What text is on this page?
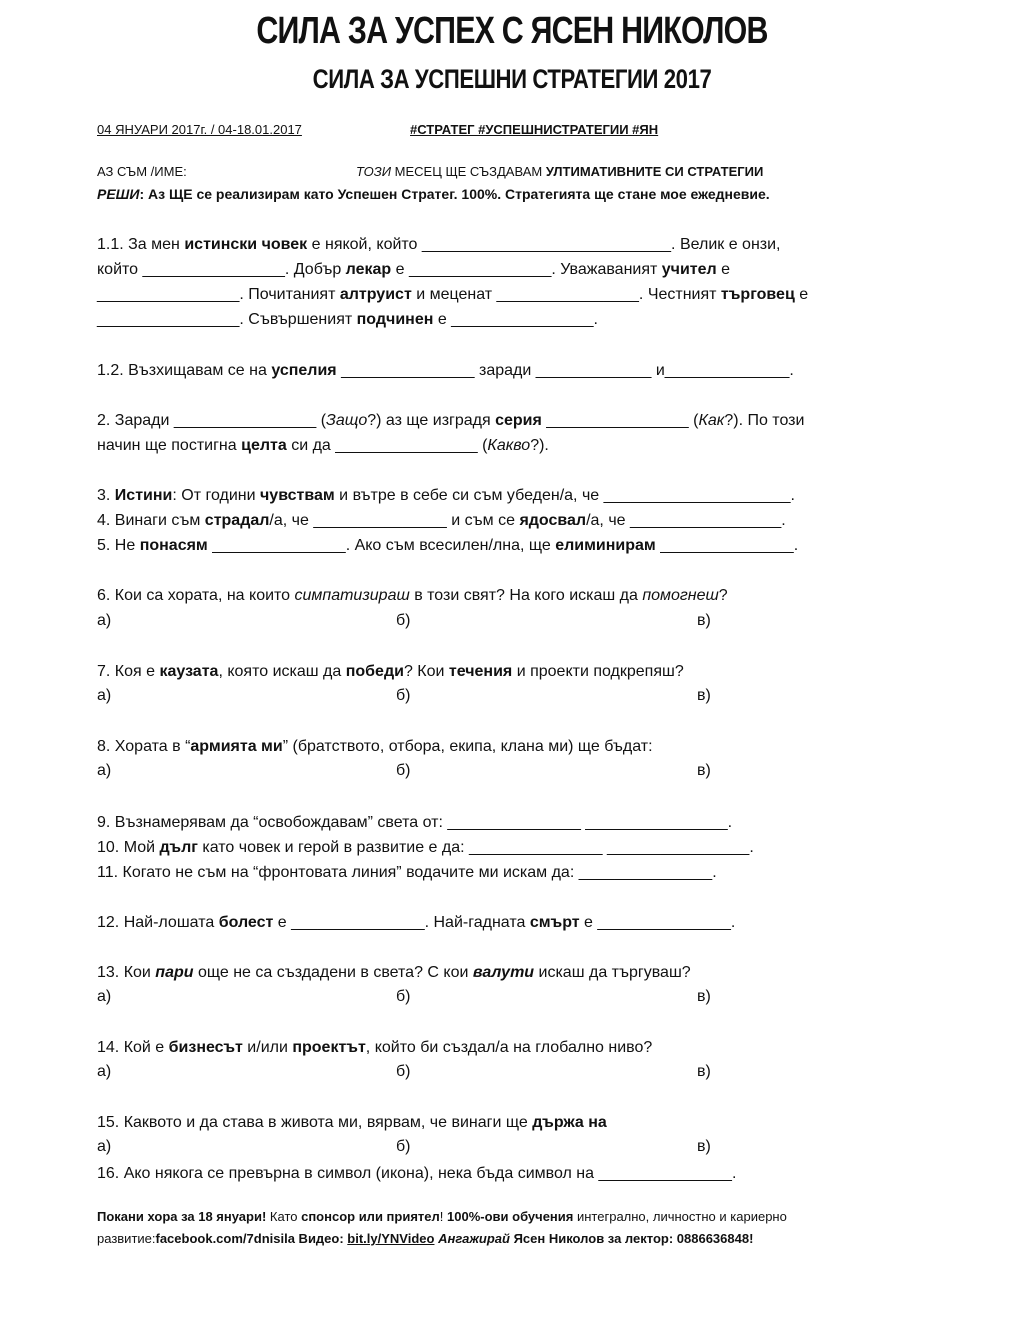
СИЛА ЗА УСПЕХ С ЯСЕН НИКОЛОВ
СИЛА ЗА УСПЕШНИ СТРАТЕГИИ 2017
04 ЯНУАРИ 2017г. / 04-18.01.2017	#СТРАТЕГ #УСПЕШНИСТРАТЕГИИ #ЯН
АЗ СЪМ /ИМЕ:	ТОЗИ МЕСЕЦ ЩЕ СЪЗДАВАМ УЛТИМАТИВНИТЕ СИ СТРАТЕГИИ
РЕШИ: Аз ЩЕ се реализирам като Успешен Стратег. 100%. Стратегията ще стане мое ежедневие.
1.1. За мен истински човек е някой, който ____________________________. Велик е онзи,
който ________________. Добър лекар е ________________. Уважаваният учител е
________________. Почитаният алтруист и меценат ________________. Честният търговец е
________________. Съвършеният подчинен е ________________.
1.2. Възхищавам се на успелия _______________ заради _____________ и______________.
2. Заради ________________ (Защо?) аз ще изградя серия ________________ (Как?). По този
начин ще постигна целта си да ________________ (Какво?).
3. Истини: От години чувствам и вътре в себе си съм убеден/а, че _____________________.
4. Винаги съм страдал/а, че _______________ и съм се ядосвал/а, че _________________.
5. Не понасям _______________. Ако съм всесилен/лна, ще елиминирам _______________.
6. Кои са хората, на които симпатизираш в този свят? На кого искаш да помогнеш?
а)	б)	в)
7. Коя е каузата, която искаш да победи? Кои течения и проекти подкрепяш?
а)	б)	в)
8. Хората в “армията ми” (братството, отбора, екипа, клана ми) ще бъдат:
а)	б)	в)
9. Възнамерявам да “освобождавам” света от: _______________ ________________.
10. Мой дълг като човек и герой в развитие е да: _______________ ________________.
11. Когато не съм на “фронтовата линия” водачите ми искам да: _______________.
12. Най-лошата болест е _______________. Най-гадната смърт е _______________.
13. Кои пари още не са създадени в света? С кои валути искаш да търгуваш?
а)	б)	в)
14. Кой е бизнесът и/или проектът, който би създал/а на глобално ниво?
а)	б)	в)
15. Каквото и да става в живота ми, вярвам, че винаги ще държа на
а)	б)	в)
16. Ако някога се превърна в символ (икона), нека бъда символ на _______________.
Покани хора за 18 януари! Като спонсор или приятел! 100%-ови обучения интегрално, личностно и кариерно
развитие:facebook.com/7dnisila Видео: bit.ly/YNVideo Ангажирай Ясен Николов за лектор: 0886636848!
